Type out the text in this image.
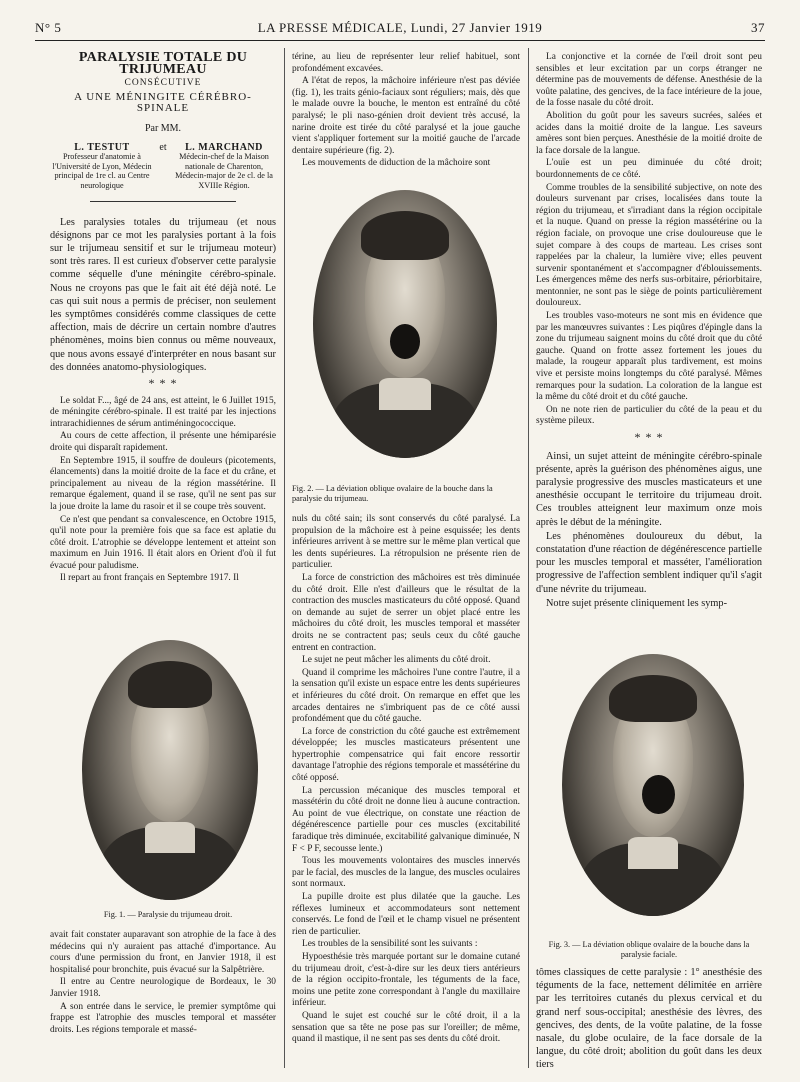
N° 5	LA PRESSE MÉDICALE, Lundi, 27 Janvier 1919	37
PARALYSIE TOTALE DU TRIJUMEAU
CONSÉCUTIVE
A UNE MÉNINGITE CÉRÉBRO-SPINALE
Par MM.
L. TESTUT
Professeur d'anatomie à l'Université de Lyon, Médecin principal de 1re cl. au Centre neurologique
et	L. MARCHAND
Médecin-chef de la Maison nationale de Charenton, Médecin-major de 2e cl. de la XVIIIe Région.

Les paralysies totales du trijumeau (et nous désignons par ce mot les paralysies portant à la fois sur le trijumeau sensitif et sur le trijumeau moteur) sont très rares. Il est curieux d'observer cette paralysie comme séquelle d'une méningite cérébro-spinale. Nous ne croyons pas que le fait ait été déjà noté. Le cas qui suit nous a permis de préciser, non seulement les symptômes considérés comme classiques de cette affection, mais de décrire un certain nombre d'autres phénomènes, moins bien connus ou même nouveaux, que nous avons essayé d'interpréter en nous basant sur des données anatomo-physiologiques.

* * *

Le soldat F..., âgé de 24 ans, est atteint, le 6 Juillet 1915, de méningite cérébro-spinale. Il est traité par les injections intrarachidiennes de sérum antiméningococcique.

Au cours de cette affection, il présente une hémiparésie droite qui disparaît rapidement.

En Septembre 1915, il souffre de douleurs (picotements, élancements) dans la moitié droite de la face et du crâne, et principalement au niveau de la région massétérine. Il remarque également, quand il se rase, qu'il ne sent pas sur la joue droite la lame du rasoir et il se coupe très souvent.

Ce n'est que pendant sa convalescence, en Octobre 1915, qu'il note pour la première fois que sa face est aplatie du côté droit. L'atrophie se développe lentement et atteint son maximum en Juin 1916. Il était alors en Orient d'où il fut évacué pour paludisme.

Il repart au front français en Septembre 1917. Il

Fig. 1. — Paralysie du trijumeau droit.

avait fait constater auparavant son atrophie de la face à des médecins qui n'y auraient pas attaché d'importance. Au cours d'une permission du front, en Janvier 1918, il est hospitalisé pour bronchite, puis évacué sur la Salpêtrière.

Il entre au Centre neurologique de Bordeaux, le 30 Janvier 1918.

A son entrée dans le service, le premier symptôme qui frappe est l'atrophie des muscles temporal et masséter droits. Les régions temporale et massé-

térine, au lieu de représenter leur relief habituel, sont profondément excavées.

A l'état de repos, la mâchoire inférieure n'est pas déviée (fig. 1), les traits génio-faciaux sont réguliers; mais, dès que le malade ouvre la bouche, le menton est entraîné du côté paralysé; le pli naso-génien droit devient très accusé, la narine droite est tirée du côté paralysé et la joue gauche vient s'appliquer fortement sur la moitié gauche de l'arcade dentaire supérieure (fig. 2).

Les mouvements de diduction de la mâchoire sont

Fig. 2. — La déviation oblique ovalaire de la bouche dans la paralysie du trijumeau.

nuls du côté sain; ils sont conservés du côté paralysé. La propulsion de la mâchoire est à peine esquissée; les dents inférieures arrivent à se mettre sur le même plan vertical que les dents supérieures. La rétropulsion ne présente rien de particulier.

La force de constriction des mâchoires est très diminuée du côté droit. Elle n'est d'ailleurs que le résultat de la contraction des muscles masticateurs du côté opposé. Quand on demande au sujet de serrer un objet placé entre les mâchoires du côté droit, les muscles temporal et masséter droits ne se contractent pas; seuls ceux du côté gauche entrent en contraction.

Le sujet ne peut mâcher les aliments du côté droit.

Quand il comprime les mâchoires l'une contre l'autre, il a la sensation qu'il existe un espace entre les dents supérieures et inférieures du côté droit. On remarque en effet que les arcades dentaires ne s'imbriquent pas de ce côté aussi profondément que du côté gauche.

La force de constriction du côté gauche est extrêmement développée; les muscles masticateurs présentent une hypertrophie compensatrice qui fait encore ressortir davantage l'atrophie des régions temporale et massétérine du côté opposé.

La percussion mécanique des muscles temporal et massétérin du côté droit ne donne lieu à aucune contraction. Au point de vue électrique, on constate une réaction de dégénérescence partielle pour ces muscles (excitabilité faradique très diminuée, excitabilité galvanique diminuée, N F < P F, secousse lente.)

Tous les mouvements volontaires des muscles innervés par le facial, des muscles de la langue, des muscles oculaires sont normaux.

La pupille droite est plus dilatée que la gauche. Les réflexes lumineux et accommodateurs sont nettement conservés. Le fond de l'œil et le champ visuel ne présentent rien de particulier.

Les troubles de la sensibilité sont les suivants :

Hypoesthésie très marquée portant sur le domaine cutané du trijumeau droit, c'est-à-dire sur les deux tiers antérieurs de la région occipito-frontale, les téguments de la face, moins une petite zone correspondant à l'angle du maxillaire inférieur.

Quand le sujet est couché sur le côté droit, il a la sensation que sa tête ne pose pas sur l'oreiller; de même, quand il mastique, il ne sent pas ses dents du côté droit.

La conjonctive et la cornée de l'œil droit sont peu sensibles et leur excitation par un corps étranger ne détermine pas de mouvements de défense. Anesthésie de la voûte palatine, des gencives, de la face intérieure de la joue, de la fosse nasale du côté droit.

Abolition du goût pour les saveurs sucrées, salées et acides dans la moitié droite de la langue. Les saveurs amères sont bien perçues. Anesthésie de la moitié droite de la face dorsale de la langue.

L'ouïe est un peu diminuée du côté droit; bourdonnements de ce côté.

Comme troubles de la sensibilité subjective, on note des douleurs survenant par crises, localisées dans toute la région du trijumeau, et s'irradiant dans la région occipitale et la nuque. Quand on presse la région massétérine ou la région faciale, on provoque une crise douloureuse que le sujet compare à des coups de marteau. Les crises sont rappelées par la chaleur, la lumière vive; elles peuvent survenir spontanément et s'accompagner d'éblouissements. Les émergences même des nerfs sus-orbitaire, périorbitaire, mentonnier, ne sont pas le siège de points particulièrement douloureux.

Les troubles vaso-moteurs ne sont mis en évidence que par les manœuvres suivantes : Les piqûres d'épingle dans la zone du trijumeau saignent moins du côté droit que du côté gauche. Quand on frotte assez fortement les joues du malade, la rougeur apparaît plus tardivement, est moins vive et persiste moins longtemps du côté paralysé. Mêmes remarques pour la sudation. La coloration de la langue est la même du côté droit et du côté gauche.

On ne note rien de particulier du côté de la peau et du système pileux.

* * *

Ainsi, un sujet atteint de méningite cérébro-spinale présente, après la guérison des phénomènes aigus, une paralysie progressive des muscles masticateurs et une anesthésie occupant le territoire du trijumeau droit. Ces troubles atteignent leur maximum onze mois après le début de la méningite.

Les phénomènes douloureux du début, la constatation d'une réaction de dégénérescence partielle pour les muscles temporal et masséter, l'amélioration progressive de l'affection semblent indiquer qu'il s'agit d'une névrite du trijumeau.

Notre sujet présente cliniquement les symp-

Fig. 3. — La déviation oblique ovalaire de la bouche dans la paralysie faciale.

tômes classiques de cette paralysie : 1° anesthésie des téguments de la face, nettement délimitée en arrière par les territoires cutanés du plexus cervical et du grand nerf sous-occipital; anesthésie des lèvres, des gencives, des dents, de la voûte palatine, de la fosse nasale, du globe oculaire, de la face dorsale de la langue, du côté droit; abolition du goût dans les deux tiers
